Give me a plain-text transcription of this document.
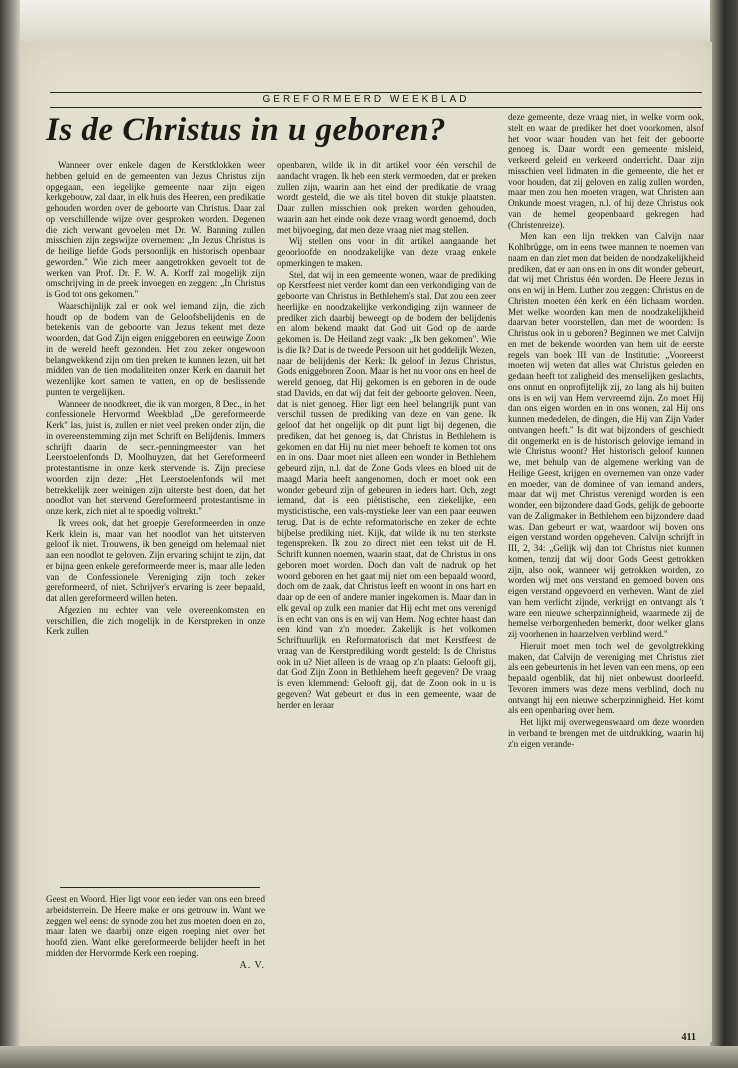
GEREFORMEERD WEEKBLAD
Is de Christus in u geboren?

Wanneer over enkele dagen de Kerstklokken weer hebben geluid en de gemeenten van Jezus Christus zijn opgegaan, een iegelijke gemeente naar zijn eigen kerkgebouw, zal daar, in elk huis des Heeren, een predikatie gehouden worden over de geboorte van Christus. Daar zal op verschillende wijze over gesproken worden. Degenen die zich verwant gevoelen met Dr. W. Banning zullen misschien zijn zegswijze overnemen: „In Jezus Christus is de heilige liefde Gods persoonlijk en historisch openbaar geworden." Wie zich meer aangetrokken gevoelt tot de werken van Prof. Dr. F. W. A. Korff zal mogelijk zijn omschrijving in de preek invoegen en zeggen: „In Christus is God tot ons gekomen."

Waarschijnlijk zal er ook wel iemand zijn, die zich houdt op de bodem van de Geloofsbelijdenis en de betekenis van de geboorte van Jezus tekent met deze woorden, dat God Zijn eigen eniggeboren en eeuwige Zoon in de wereld heeft gezonden. Het zou zeker ongewoon belangwekkend zijn om tien preken te kunnen lezen, uit het midden van de tien modaliteiten onzer Kerk en daaruit het wezenlijke kort samen te vatten, en op de beslissende punten te vergelijken.

Wanneer de noodkreet, die ik van morgen, 8 Dec., in het confessionele Hervormd Weekblad „De gereformeerde Kerk" las, juist is, zullen er niet veel preken onder zijn, die in overeenstemming zijn met Schrift en Belijdenis. Immers schrijft daarin de secr.-penningmeester van het Leerstoelenfonds D. Moolhuyzen, dat het Gereformeerd protestantisme in onze kerk stervende is. Zijn preciese woorden zijn deze: „Het Leerstoelenfonds wil met betrekkelijk zeer weinigen zijn uiterste best doen, dat het noodlot van het stervend Gereformeerd protestantisme in onze kerk, zich niet al te spoedig voltrekt."

Ik vrees ook, dat het groepje Gereformeerden in onze Kerk klein is, maar van het noodlot van het uitsterven geloof ik niet. Trouwens, ik ben geneigd om helemaal niet aan een noodlot te geloven. Zijn ervaring schijnt te zijn, dat er bijna geen enkele gereformeerde meer is, maar alle leden van de Confessionele Vereniging zijn toch zeker gereformeerd, of niet. Schrijver's ervaring is zeer bepaald, dat allen gereformeerd willen heten.

Afgezien nu echter van vele overeenkomsten en verschillen, die zich mogelijk in de Kerstpreken in onze Kerk zullen

Geest en Woord. Hier ligt voor een ieder van ons een breed arbeidsterrein. De Heere make er ons getrouw in. Want we zeggen wel eens: de synode zou het zus moeten doen en zo, maar laten we daarbij onze eigen roeping niet over het hoofd zien. Want elke gereformeerde belijder heeft in het midden der Hervormde Kerk een roeping.

A. V.

openbaren, wilde ik in dit artikel voor één verschil de aandacht vragen. Ik heb een sterk vermoeden, dat er preken zullen zijn, waarin aan het eind der predikatie de vraag wordt gesteld, die we als titel boven dit stukje plaatsten. Daar zullen misschien ook preken worden gehouden, waarin aan het einde ook deze vraag wordt genoemd, doch met bijvoeging, dat men deze vraag niet mag stellen.

Wij stellen ons voor in dit artikel aangaande het geoorloofde en noodzakelijke van deze vraag enkele opmerkingen te maken.

Stel, dat wij in een gemeente wonen, waar de prediking op Kerstfeest niet verder komt dan een verkondiging van de geboorte van Christus in Bethlehem's stal. Dat zou een zeer heerlijke en noodzakelijke verkondiging zijn wanneer de prediker zich daarbij beweegt op de bodem der belijdenis en alom bekend maakt dat God uit God op de aarde gekomen is. De Heiland zegt vaak: „Ik ben gekomen". Wie is die Ik? Dat is de tweede Persoon uit het goddelijk Wezen, naar de belijdenis der Kerk: Ik geloof in Jezus Christus, Gods eniggeboren Zoon. Maar is het nu voor ons en heel de wereld genoeg, dat Hij gekomen is en geboren in de oude stad Davids, en dat wij dat feit der geboorte geloven. Neen, dat is niet genoeg. Hier ligt een heel belangrijk punt van verschil tussen de prediking van deze en van gene. Ik geloof dat het ongelijk op dit punt ligt bij degenen, die prediken, dat het genoeg is, dat Christus in Bethlehem is gekomen en dat Hij nu niet meer behoeft te komen tot ons en in ons. Daar moet niet alleen een wonder in Bethlehem gebeurd zijn, n.l. dat de Zone Gods vlees en bloed uit de maagd Maria heeft aangenomen, doch er moet ook een wonder gebeurd zijn of gebeuren in ieders hart. Och, zegt iemand, dat is een piëtistische, een ziekelijke, een mysticistische, een vals-mystieke leer van een paar eeuwen terug. Dat is de echte reformatorische en zeker de echte bijbelse prediking niet. Kijk, dat wilde ik nu ten sterkste tegenspreken. Ik zou zo direct niet een tekst uit de H. Schrift kunnen noemen, waarin staat, dat de Christus in ons geboren moet worden. Doch dan valt de nadruk op het woord geboren en het gaat mij niet om een bepaald woord, doch om de zaak, dat Christus leeft en woont in ons hart en daar op de een of andere manier ingekomen is. Maar dan in elk geval op zulk een manier dat Hij echt met ons verenigd is en echt van ons is en wij van Hem. Nog echter haast dan een kind van z'n moeder. Zakelijk is het volkomen Schriftuurlijk en Reformatorisch dat met Kerstfeest de vraag van de Kerstprediking wordt gesteld: Is de Christus ook in u? Niet alleen is de vraag op z'n plaats: Gelooft gij, dat God Zijn Zoon in Bethlehem heeft gegeven? De vraag is even klemmend: Gelooft gij, dat de Zoon ook in u is gegeven? Wat gebeurt er dus in een gemeente, waar de herder en leraar

deze gemeente, deze vraag niet, in welke vorm ook, stelt en waar de prediker het doet voorkomen, alsof het voor waar houden van het feit der geboorte genoeg is. Daar wordt een gemeente misleid, verkeerd geleid en verkeerd onderricht. Daar zijn misschien veel lidmaten in die gemeente, die het er voor houden, dat zij geloven en zalig zullen worden, maar men zou hen moeten vragen, wat Christen aan Onkunde moest vragen, n.l. of hij deze Christus ook van de hemel geopenbaard gekregen had (Christenreize).

Men kan een lijn trekken van Calvijn naar Kohlbrügge, om in eens twee mannen te noemen van naam en dan ziet men dat beiden de noodzakelijkheid prediken, dat er aan ons en in ons dit wonder gebeurt, dat wij met Christus één worden. De Heere Jezus in ons en wij in Hem. Luther zou zeggen: Christus en de Christen moeten één kerk en één lichaam worden. Met welke woorden kan men de noodzakelijkheid daarvan beter voorstellen, dan met de woorden: Is Christus ook in u geboren? Beginnen we met Calvijn en met de bekende woorden van hem uit de eerste regels van boek III van de Institutie: „Vooreerst moeten wij weten dat alles wat Christus geleden en gedaan heeft tot zaligheid des menselijken geslachts, ons onnut en onprofijtelijk zij, zo lang als hij buiten ons is en wij van Hem vervreemd zijn. Zo moet Hij dan ons eigen worden en in ons wonen, zal Hij ons kunnen mededelen, de dingen, die Hij van Zijn Vader ontvangen heeft." Is dit wat bijzonders of geschiedt dit ongemerkt en is de historisch gelovige iemand in wie Christus woont? Het historisch geloof kunnen we, met behulp van de algemene werking van de Heilige Geest, krijgen en overnemen van onze vader en moeder, van de dominee of van iemand anders, maar dat wij met Christus verenigd worden is een wonder, een bijzondere daad Gods, gelijk de geboorte van de Zaligmaker in Bethlehem een bijzondere daad was. Dan gebeurt er wat, waardoor wij boven ons eigen verstand worden opgeheven. Calvijn schrijft in III, 2, 34: „Gelijk wij dan tot Christus niet kunnen komen, tenzij dat wij door Gods Geest getrokken zijn, also ook, wanneer wij getrokken worden, zo worden wij met ons verstand en gemoed boven ons eigen verstand opgevoerd en verheven. Want de ziel van hem verlicht zijnde, verkrijgt en ontvangt als 't ware een nieuwe scherpzinnigheid, waarmede zij de hemelse verborgenheden bemerkt, door welker glans zij voorhenen in haarzelven verblind werd."

Hieruit moet men toch wel de gevolgtrekking maken, dat Calvijn de vereniging met Christus ziet als een gebeurtenis in het leven van een mens, op een bepaald ogenblik, dat hij niet onbewust doorleefd. Tevoren immers was deze mens verblind, doch nu ontvangt hij een nieuwe scherpzinnigheid. Het komt als een openbaring over hem.

Het lijkt mij overwegenswaard om deze woorden in verband te brengen met de uitdrukking, waarin hij z'n eigen verande-

411
